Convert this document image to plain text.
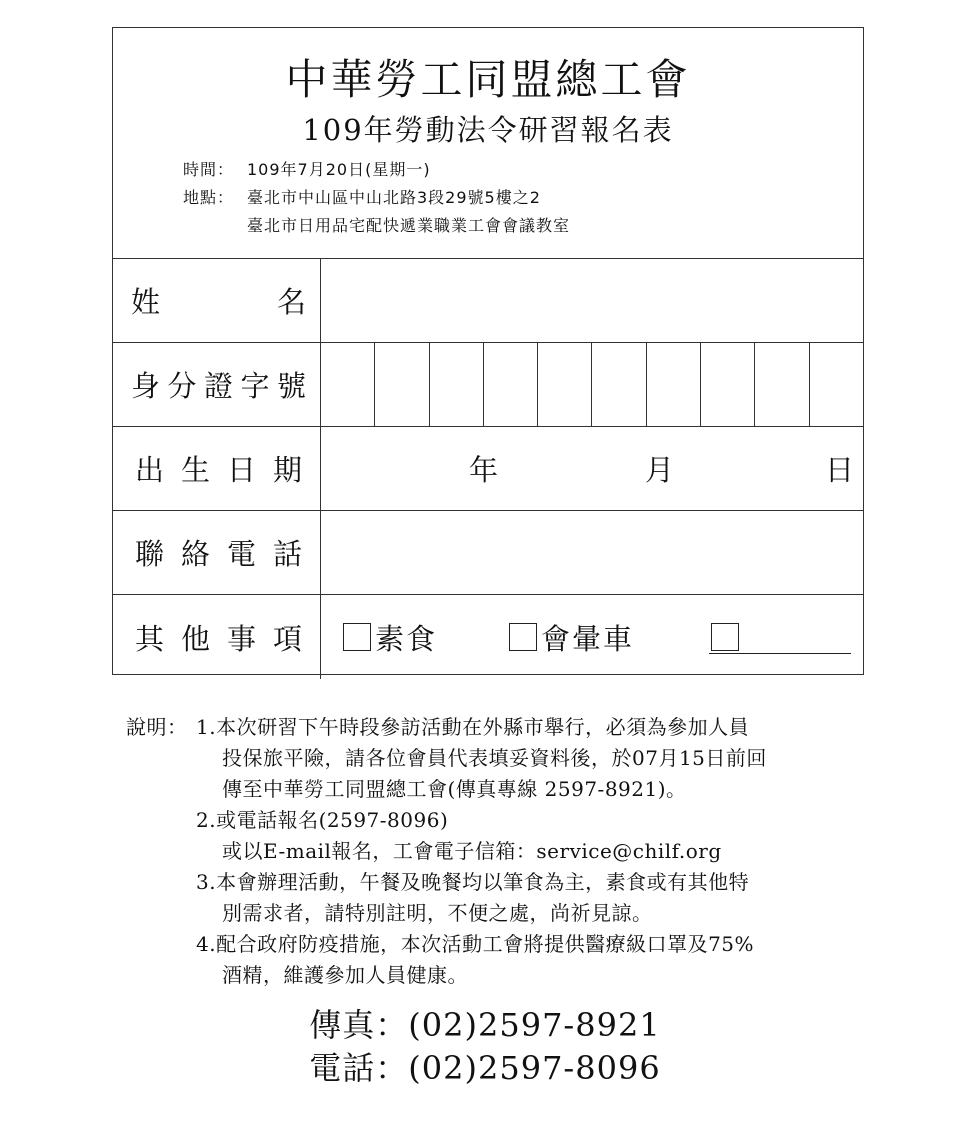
中華勞工同盟總工會
109年勞動法令研習報名表
時間： 109年7月20日(星期一)
地點： 臺北市中山區中山北路3段29號5樓之2
臺北市日用品宅配快遞業職業工會會議教室
姓	名
身 分 證 字 號
出 生 日 期	年	月	日
聯 絡 電 話
其 他 事 項	素食	會暈車
說明： 1.本次研習下午時段參訪活動在外縣市舉行，必須為參加人員
投保旅平險，請各位會員代表填妥資料後，於07月15日前回
傳至中華勞工同盟總工會(傳真專線 2597-8921)。
2.或電話報名(2597-8096)
或以E-mail報名，工會電子信箱：service@chilf.org
3.本會辦理活動，午餐及晚餐均以筆食為主，素食或有其他特
別需求者，請特別註明，不便之處，尚祈見諒。
4.配合政府防疫措施，本次活動工會將提供醫療級口罩及75%
酒精，維護參加人員健康。
傳真：(02)2597-8921
電話：(02)2597-8096
